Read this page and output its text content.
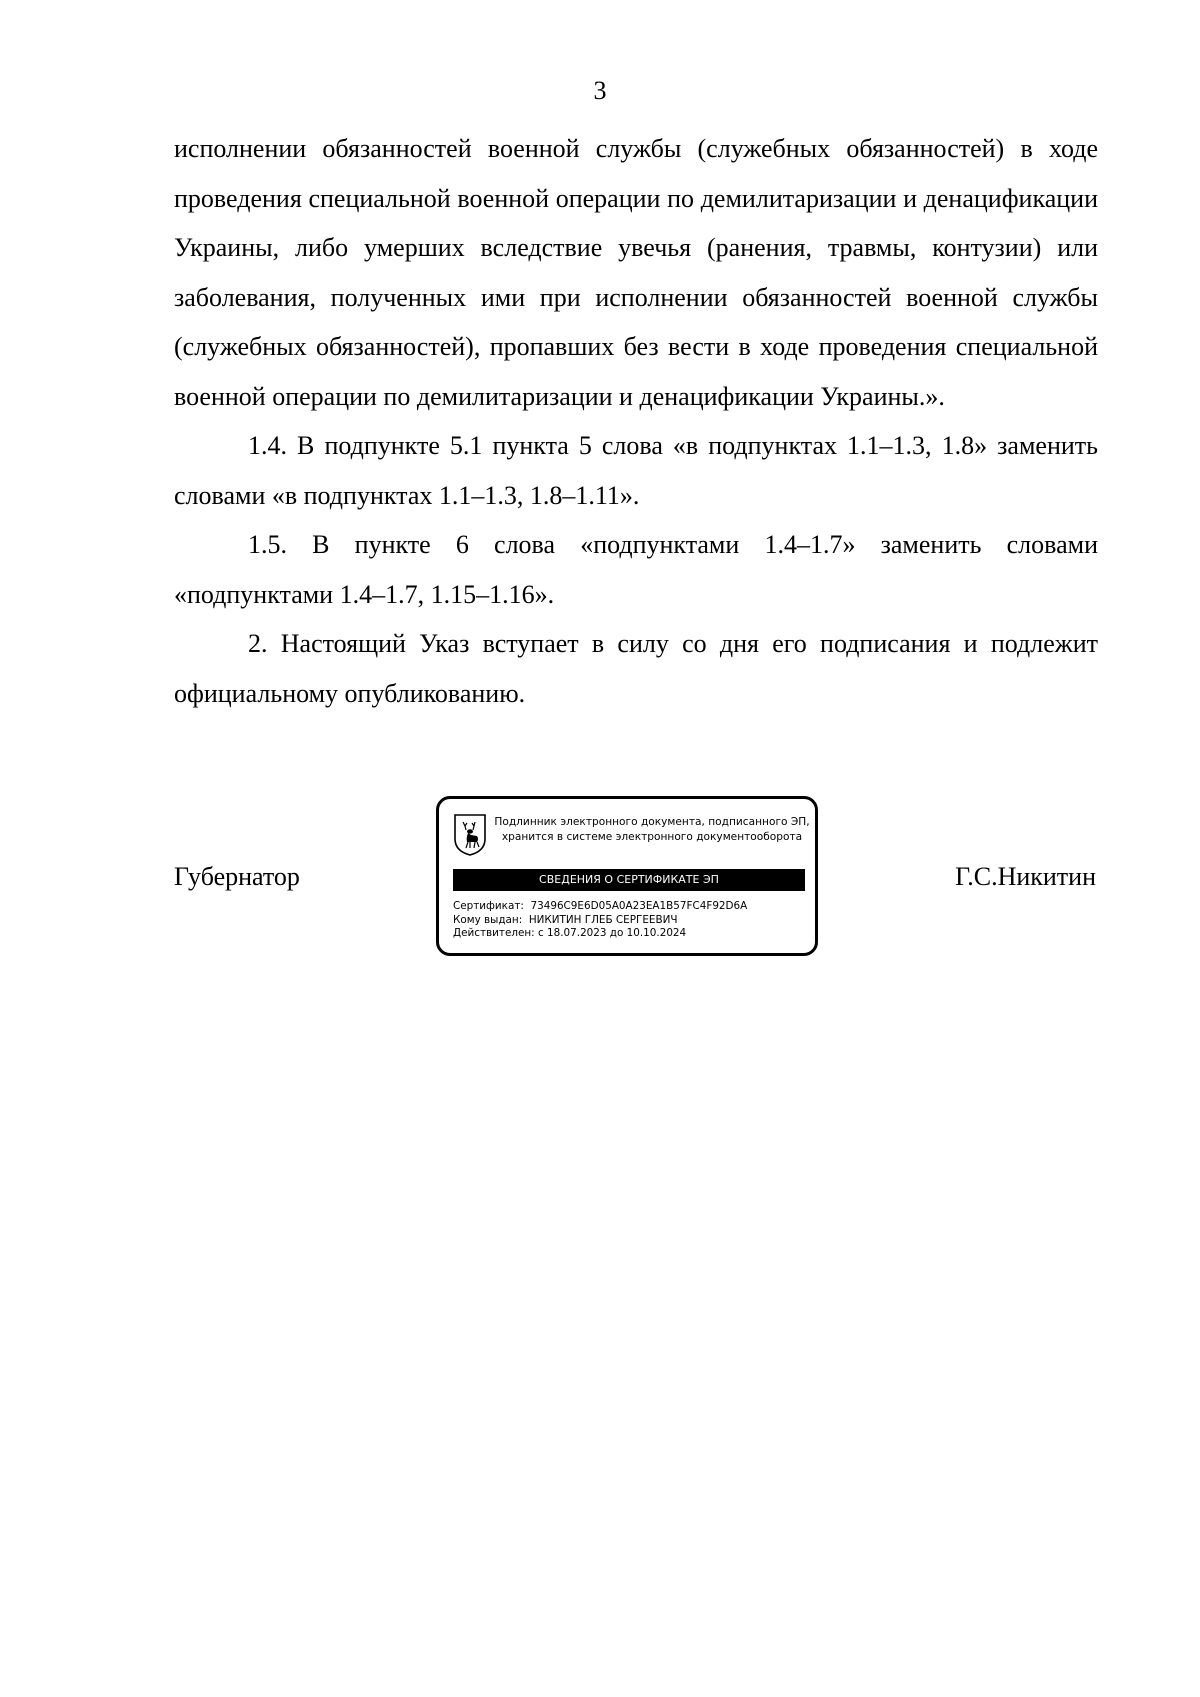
3

исполнении обязанностей военной службы (служебных обязанностей) в ходе проведения специальной военной операции по демилитаризации и денацификации Украины, либо умерших вследствие увечья (ранения, травмы, контузии) или заболевания, полученных ими при исполнении обязанностей военной службы (служебных обязанностей), пропавших без вести в ходе проведения специальной военной операции по демилитаризации и денацификации Украины.».

1.4. В подпункте 5.1 пункта 5 слова «в подпунктах 1.1–1.3, 1.8» заменить словами «в подпунктах 1.1–1.3, 1.8–1.11».

1.5. В пункте 6 слова «подпунктами 1.4–1.7» заменить словами «подпунктами 1.4–1.7, 1.15–1.16».

2. Настоящий Указ вступает в силу со дня его подписания и подлежит официальному опубликованию.

Губернатор	Г.С.Никитин
Подлинник электронного документа, подписанного ЭП,
хранится в системе электронного документооборота
СВЕДЕНИЯ О СЕРТИФИКАТЕ ЭП
Сертификат: 73496C9E6D05A0A23EA1B57FC4F92D6A
Кому выдан: НИКИТИН ГЛЕБ СЕРГЕЕВИЧ
Действителен: с 18.07.2023 до 10.10.2024
